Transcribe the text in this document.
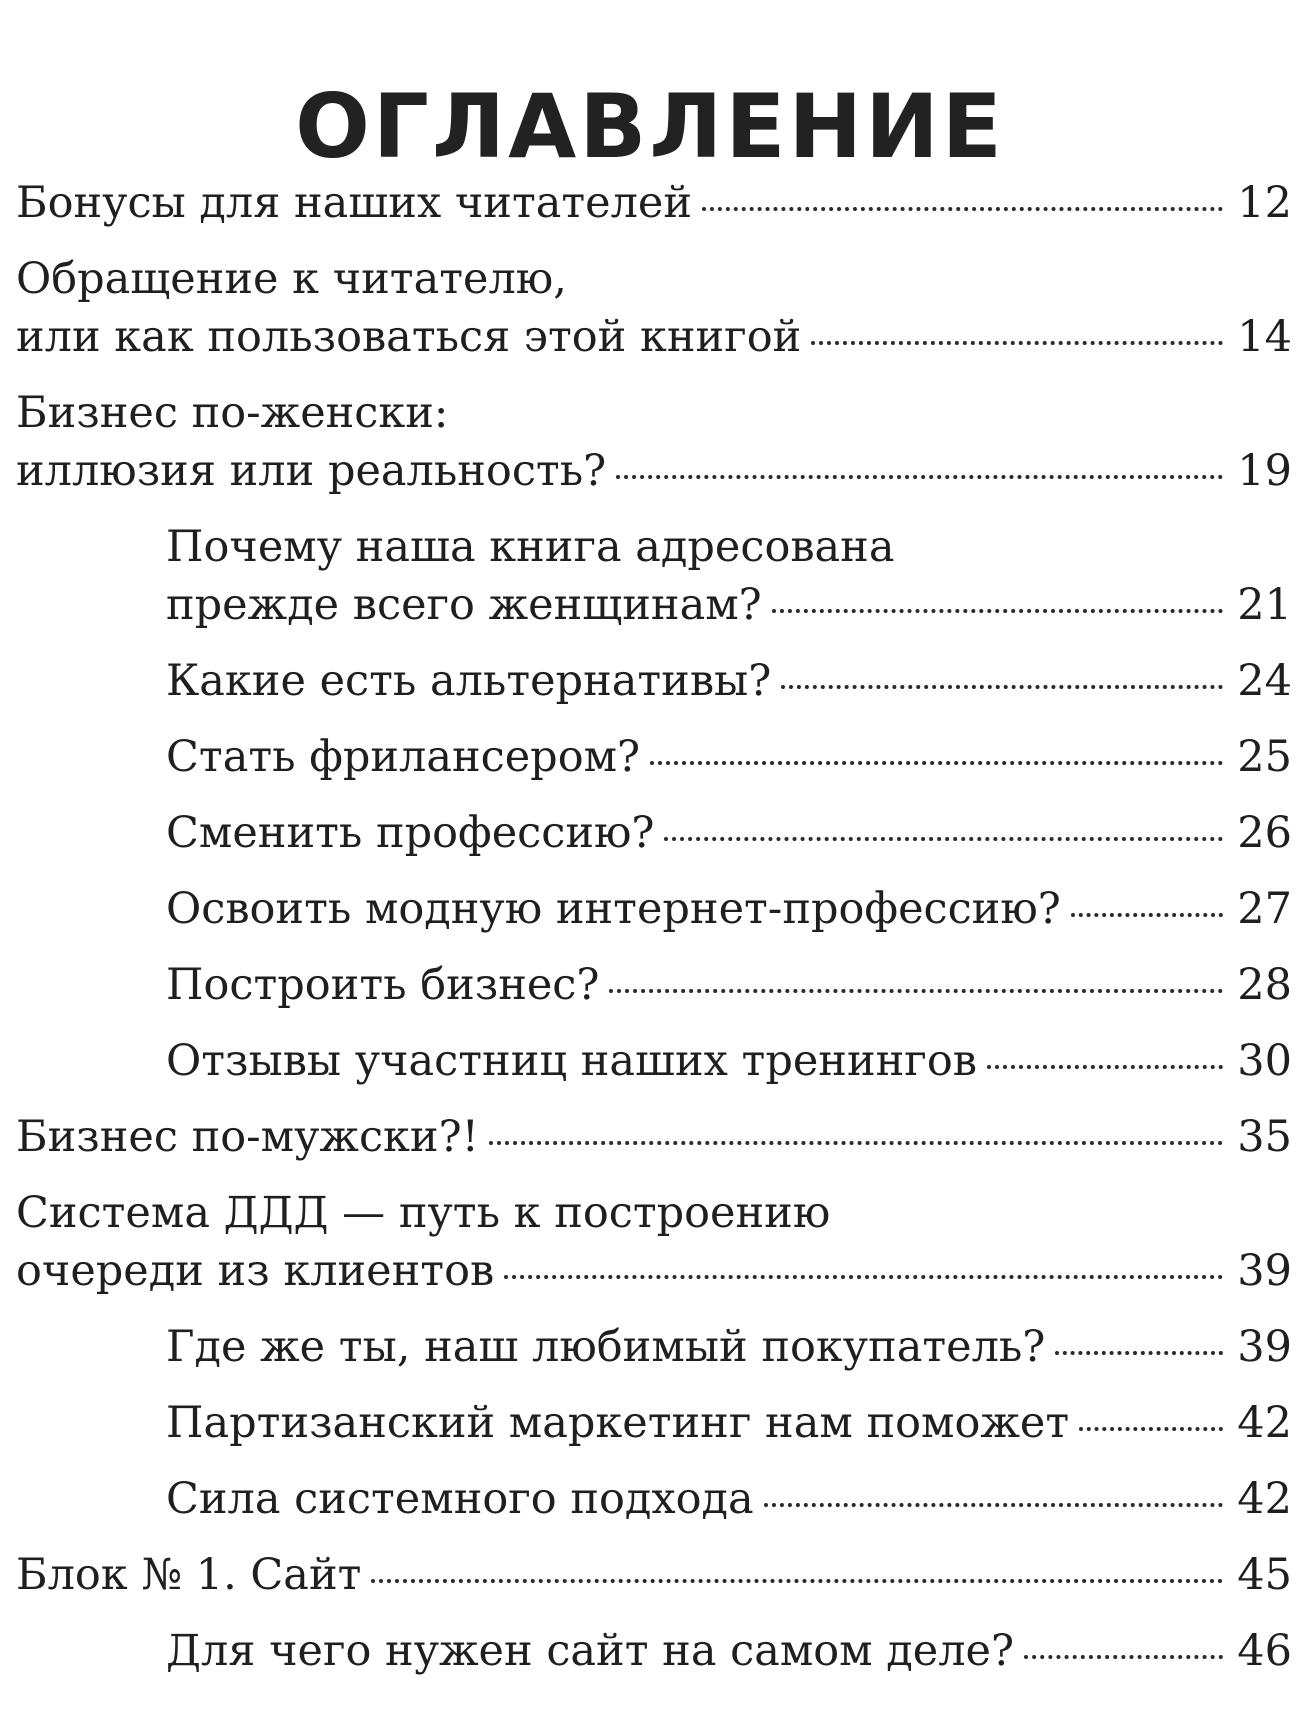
ОГЛАВЛЕНИЕ
Бонусы для наших читателей	12
Обращение к читателю,
или как пользоваться этой книгой	14
Бизнес по-женски:
иллюзия или реальность?	19
Почему наша книга адресована
прежде всего женщинам?	21
Какие есть альтернативы?	24
Стать фрилансером?	25
Сменить профессию?	26
Освоить модную интернет-профессию?	27
Построить бизнес?	28
Отзывы участниц наших тренингов	30
Бизнес по-мужски?!	35
Система ДДД — путь к построению
очереди из клиентов	39
Где же ты, наш любимый покупатель?	39
Партизанский маркетинг нам поможет	42
Сила системного подхода	42
Блок № 1. Сайт	45
Для чего нужен сайт на самом деле?	46
